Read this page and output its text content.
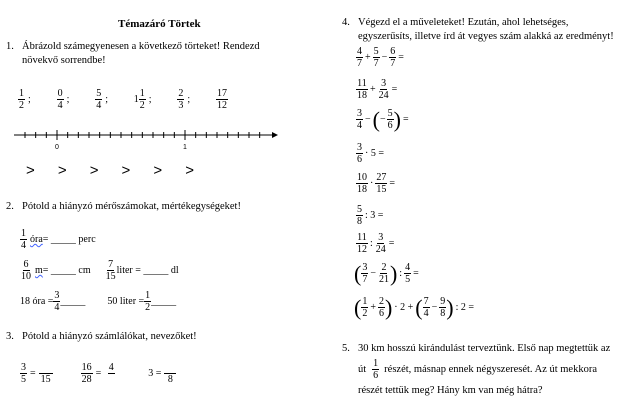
Témazáró Törtek
1. Ábrázold számegyenesen a következő törteket! Rendezd
növekvő sorrendbe!
$\frac{1}{2}$ ;	$\frac{0}{4}$ ;	$\frac{5}{4}$ ;	$1 \frac{1}{2}$ ;	$\frac{2}{3}$ ;	$\frac{17}{12}$
0	1
> > > > > >
2. Pótold a hiányzó mérőszámokat, mértékegységeket!
$\frac{1}{4}$ óra = _____ perc
$\frac{6}{10}$ m = _____ cm $\frac{7}{15}$ liter = _____ dl
18 óra = $\frac{3}{4}$ _____ 50 liter = $\frac{1}{2}$ _____
3. Pótold a hiányzó számlálókat, nevezőket!
$\frac{3}{5}$ =

15	$\frac{16}{28}$ =
4

3 =

8
4. Végezd el a műveleteket! Ezután, ahol lehetséges,
egyszerűsíts, illetve írd át vegyes szám alakká az eredményt!
$\frac{4}{7} + \frac{5}{7} - \frac{6}{7}$ =
$\frac{11}{18} + \frac{3}{24}$ =
$\frac{3}{4}$ − ( − $\frac{5}{6}$ ) =
$\frac{3}{6} \cdot 5$ =
$\frac{10}{18} \cdot \frac{27}{15}$ =
$\frac{5}{8}$ : 3 =
$\frac{11}{12}$ : $\frac{3}{24}$ =
( $\frac{3}{7} - \frac{2}{21}$ ) : $\frac{4}{5}$ =
( $\frac{1}{2} + \frac{2}{6}$ ) · 2 + ( $\frac{7}{4} - \frac{9}{8}$ ) : 2 =
5. 30 km hosszú kirándulást terveztünk. Első nap megtettük az
út $\frac{1}{6}$ részét, másnap ennek négyszeresét. Az út mekkora
részét tettük meg? Hány km van még hátra?
